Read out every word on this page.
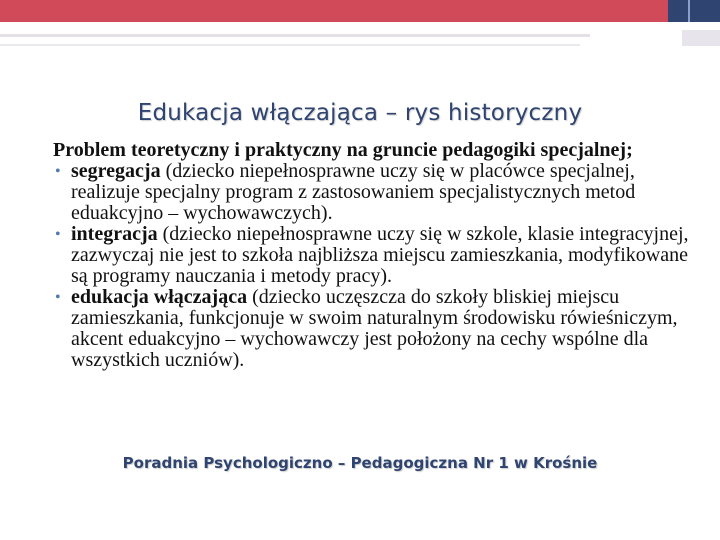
Edukacja włączająca – rys historyczny

Problem teoretyczny i praktyczny na gruncie pedagogiki specjalnej;

• segregacja (dziecko niepełnosprawne uczy się w placówce specjalnej, realizuje specjalny program z zastosowaniem specjalistycznych metod eduakcyjno – wychowawczych).
• integracja (dziecko niepełnosprawne uczy się w szkole, klasie integracyjnej, zazwyczaj nie jest to szkoła najbliższa miejscu zamieszkania, modyfikowane są programy nauczania i metody pracy).
• edukacja włączająca (dziecko uczęszcza do szkoły bliskiej miejscu zamieszkania, funkcjonuje w swoim naturalnym środowisku rówieśniczym, akcent eduakcyjno – wychowawczy jest położony na cechy wspólne dla wszystkich uczniów).
Poradnia Psychologiczno – Pedagogiczna Nr 1 w Krośnie
